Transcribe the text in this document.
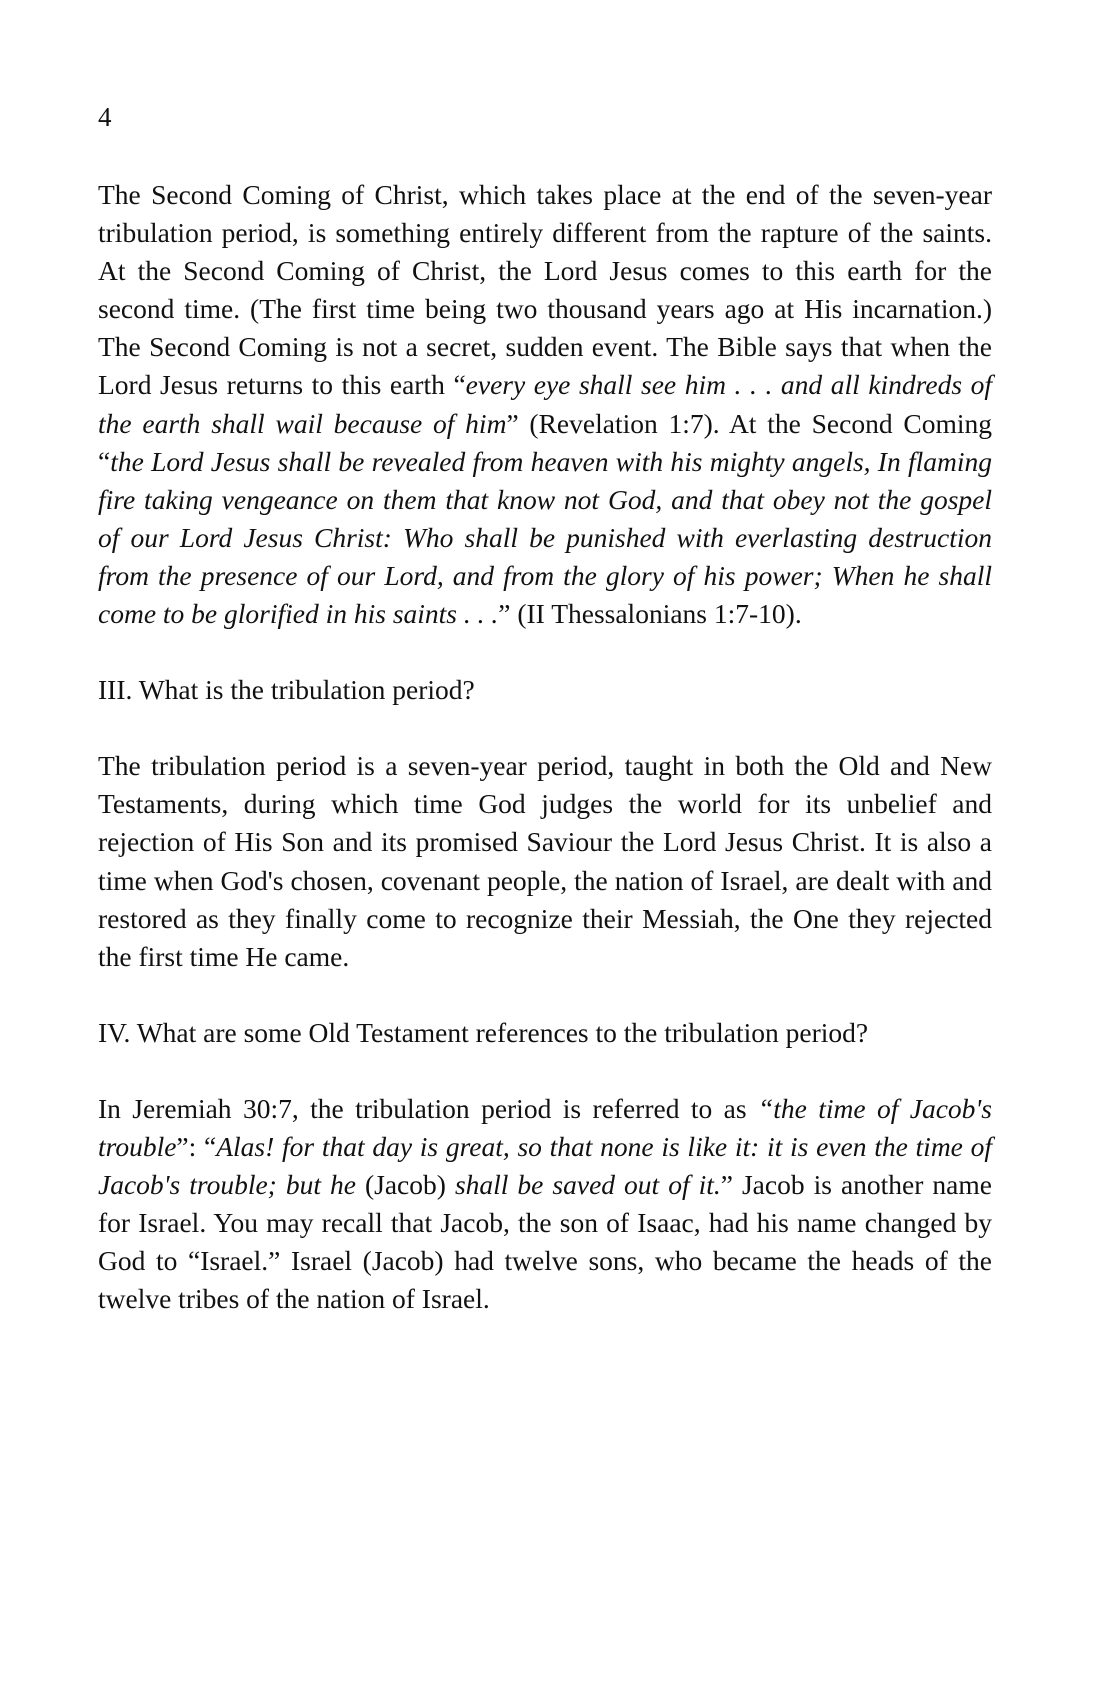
4

The Second Coming of Christ, which takes place at the end of the seven-year tribulation period, is something entirely different from the rapture of the saints. At the Second Coming of Christ, the Lord Jesus comes to this earth for the second time. (The first time being two thousand years ago at His incarnation.) The Second Coming is not a secret, sudden event. The Bible says that when the Lord Jesus returns to this earth “every eye shall see him . . . and all kindreds of the earth shall wail because of him” (Revelation 1:7). At the Second Coming “the Lord Jesus shall be revealed from heaven with his mighty angels, In flaming fire taking vengeance on them that know not God, and that obey not the gospel of our Lord Jesus Christ: Who shall be punished with everlasting destruction from the presence of our Lord, and from the glory of his power; When he shall come to be glorified in his saints . . .” (II Thessalonians 1:7-10).

III. What is the tribulation period?

The tribulation period is a seven-year period, taught in both the Old and New Testaments, during which time God judges the world for its unbelief and rejection of His Son and its promised Saviour the Lord Jesus Christ. It is also a time when God's chosen, covenant people, the nation of Israel, are dealt with and restored as they finally come to recognize their Messiah, the One they rejected the first time He came.

IV. What are some Old Testament references to the tribulation period?

In Jeremiah 30:7, the tribulation period is referred to as “the time of Jacob's trouble”: “Alas! for that day is great, so that none is like it: it is even the time of Jacob's trouble; but he (Jacob) shall be saved out of it.” Jacob is another name for Israel. You may recall that Jacob, the son of Isaac, had his name changed by God to “Israel.” Israel (Jacob) had twelve sons, who became the heads of the twelve tribes of the nation of Israel.
